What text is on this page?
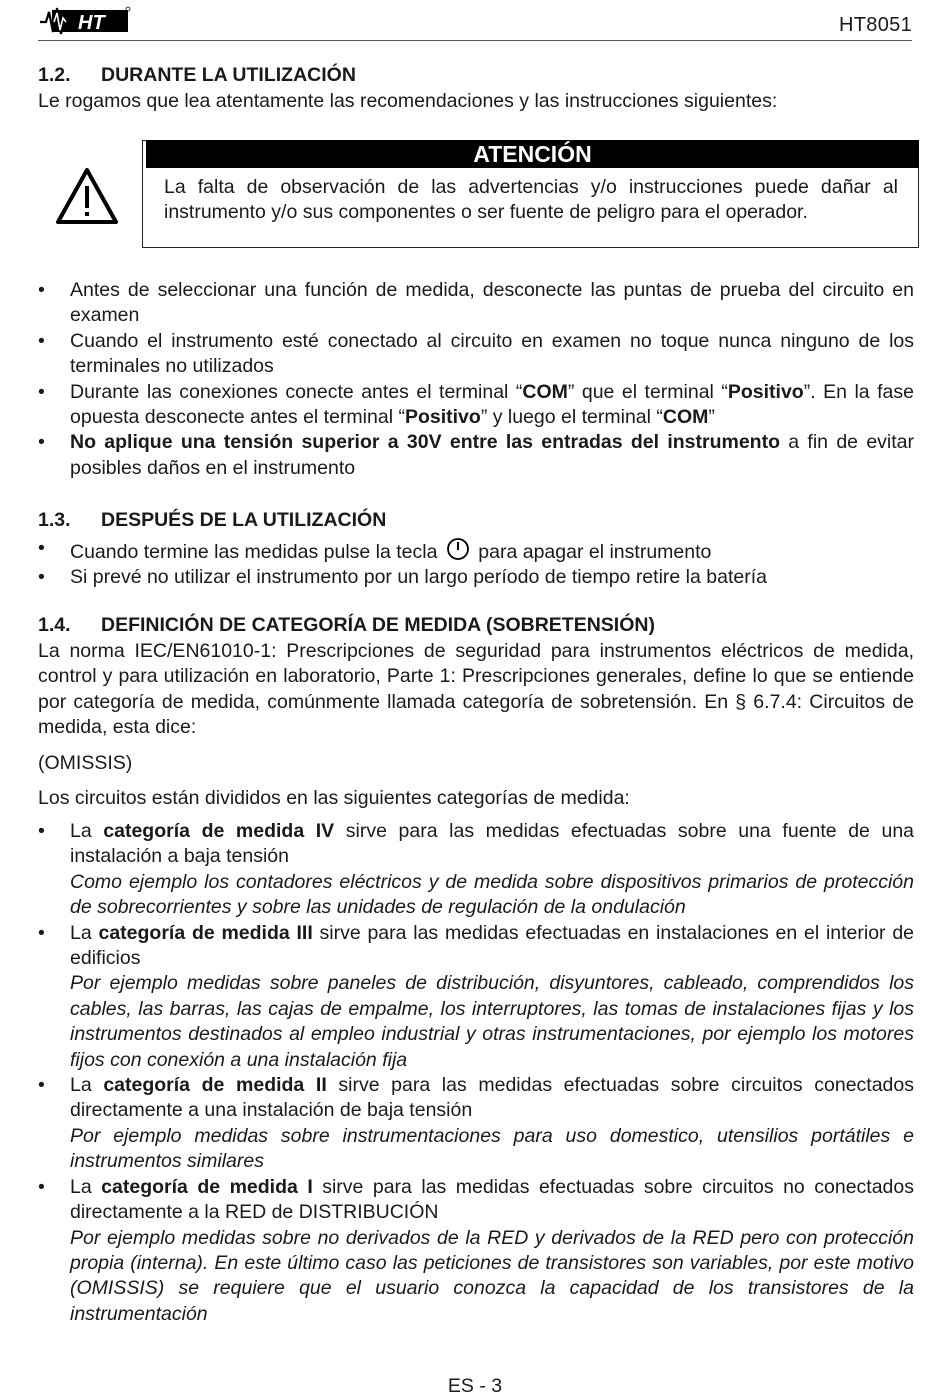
HT	HT8051
1.2.	DURANTE LA UTILIZACIÓN
Le rogamos que lea atentamente las recomendaciones y las instrucciones siguientes:
ATENCIÓN
La falta de observación de las advertencias y/o instrucciones puede dañar al instrumento y/o sus componentes o ser fuente de peligro para el operador.
•	Antes de seleccionar una función de medida, desconecte las puntas de prueba del circuito en examen
•	Cuando el instrumento esté conectado al circuito en examen no toque nunca ninguno de los terminales no utilizados
•	Durante las conexiones conecte antes el terminal “COM” que el terminal “Positivo”. En la fase opuesta desconecte antes el terminal “Positivo” y luego el terminal “COM”
•	No aplique una tensión superior a 30V entre las entradas del instrumento a fin de evitar posibles daños en el instrumento
1.3.	DESPUÉS DE LA UTILIZACIÓN
•	Cuando termine las medidas pulse la tecla para apagar el instrumento
•	Si prevé no utilizar el instrumento por un largo período de tiempo retire la batería
1.4.	DEFINICIÓN DE CATEGORÍA DE MEDIDA (SOBRETENSIÓN)
La norma IEC/EN61010-1: Prescripciones de seguridad para instrumentos eléctricos de medida, control y para utilización en laboratorio, Parte 1: Prescripciones generales, define lo que se entiende por categoría de medida, comúnmente llamada categoría de sobretensión. En § 6.7.4: Circuitos de medida, esta dice:
(OMISSIS)
Los circuitos están divididos en las siguientes categorías de medida:
•	La categoría de medida IV sirve para las medidas efectuadas sobre una fuente de una instalación a baja tensión
Como ejemplo los contadores eléctricos y de medida sobre dispositivos primarios de protección de sobrecorrientes y sobre las unidades de regulación de la ondulación
•	La categoría de medida III sirve para las medidas efectuadas en instalaciones en el interior de edificios
Por ejemplo medidas sobre paneles de distribución, disyuntores, cableado, comprendidos los cables, las barras, las cajas de empalme, los interruptores, las tomas de instalaciones fijas y los instrumentos destinados al empleo industrial y otras instrumentaciones, por ejemplo los motores fijos con conexión a una instalación fija
•	La categoría de medida II sirve para las medidas efectuadas sobre circuitos conectados directamente a una instalación de baja tensión
Por ejemplo medidas sobre instrumentaciones para uso domestico, utensilios portátiles e instrumentos similares
•	La categoría de medida I sirve para las medidas efectuadas sobre circuitos no conectados directamente a la RED de DISTRIBUCIÓN
Por ejemplo medidas sobre no derivados de la RED y derivados de la RED pero con protección propia (interna). En este último caso las peticiones de transistores son variables, por este motivo (OMISSIS) se requiere que el usuario conozca la capacidad de los transistores de la instrumentación
ES - 3
